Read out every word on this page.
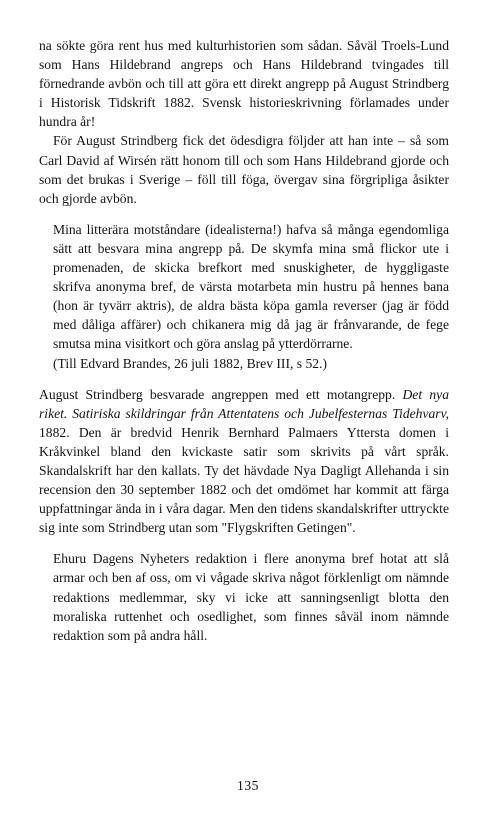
na sökte göra rent hus med kulturhistorien som sådan. Såväl Troels-Lund som Hans Hildebrand angreps och Hans Hildebrand tvingades till förnedrande avbön och till att göra ett direkt angrepp på August Strindberg i Historisk Tidskrift 1882. Svensk historieskrivning förlamades under hundra år!

För August Strindberg fick det ödesdigra följder att han inte – så som Carl David af Wirsén rätt honom till och som Hans Hildebrand gjorde och som det brukas i Sverige – föll till föga, övergav sina förgripliga åsikter och gjorde avbön.

Mina litterära motståndare (idealisterna!) hafva så många egendomliga sätt att besvara mina angrepp på. De skymfa mina små flickor ute i promenaden, de skicka brefkort med snuskigheter, de hyggligaste skrifva anonyma bref, de värsta motarbeta min hustru på hennes bana (hon är tyvärr aktris), de aldra bästa köpa gamla reverser (jag är född med dåliga affärer) och chikanera mig då jag är frånvarande, de fege smutsa mina visitkort och göra anslag på ytterdörrarne.

(Till Edvard Brandes, 26 juli 1882, Brev III, s 52.)

August Strindberg besvarade angreppen med ett motangrepp. Det nya riket. Satiriska skildringar från Attentatens och Jubelfesternas Tidehvarv, 1882. Den är bredvid Henrik Bernhard Palmaers Yttersta domen i Kråkvinkel bland den kvickaste satir som skrivits på vårt språk. Skandalskrift har den kallats. Ty det hävdade Nya Dagligt Allehanda i sin recension den 30 september 1882 och det omdömet har kommit att färga uppfattningar ända in i våra dagar. Men den tidens skandalskrifter uttryckte sig inte som Strindberg utan som "Flygskriften Getingen".

Ehuru Dagens Nyheters redaktion i flere anonyma bref hotat att slå armar och ben af oss, om vi vågade skriva något förklenligt om nämnde redaktions medlemmar, sky vi icke att sanningsenligt blotta den moraliska ruttenhet och osedlighet, som finnes såväl inom nämnde redaktion som på andra håll.

135
